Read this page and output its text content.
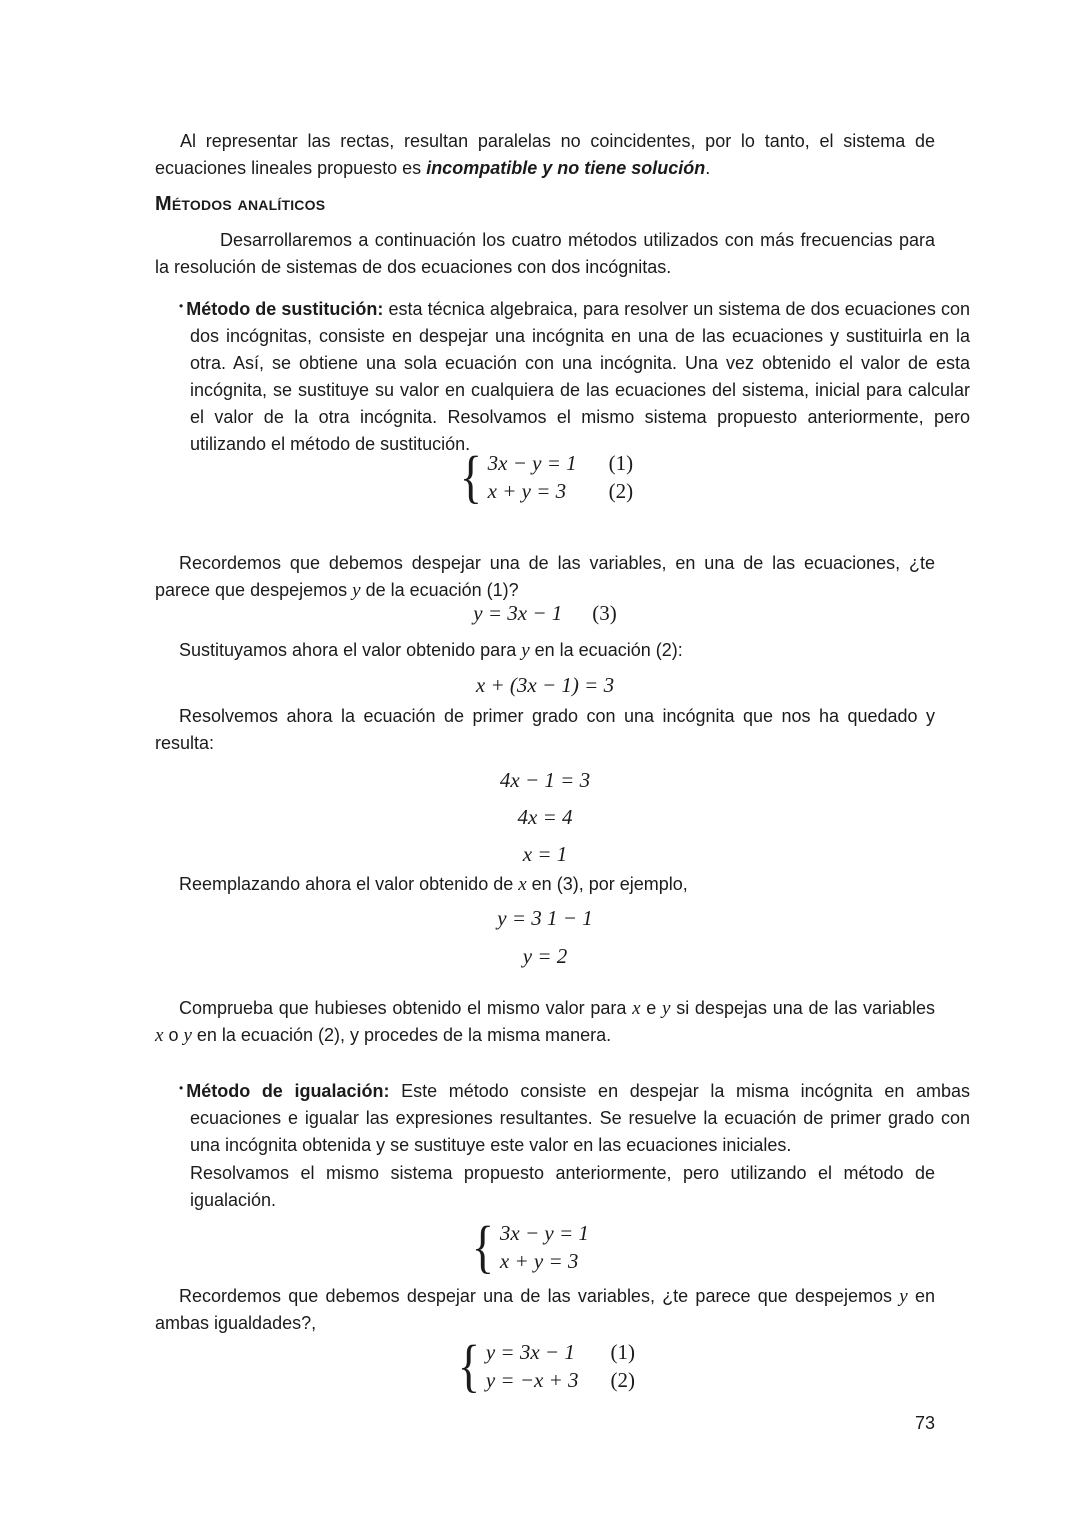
Al representar las rectas, resultan paralelas no coincidentes, por lo tanto, el sistema de ecuaciones lineales propuesto es incompatible y no tiene solución.

Métodos analíticos

Desarrollaremos a continuación los cuatro métodos utilizados con más frecuencias para la resolución de sistemas de dos ecuaciones con dos incógnitas.

• Método de sustitución: esta técnica algebraica, para resolver un sistema de dos ecuaciones con dos incógnitas, consiste en despejar una incógnita en una de las ecuaciones y sustituirla en la otra. Así, se obtiene una sola ecuación con una incógnita. Una vez obtenido el valor de esta incógnita, se sustituye su valor en cualquiera de las ecuaciones del sistema, inicial para calcular el valor de la otra incógnita. Resolvamos el mismo sistema propuesto anteriormente, pero utilizando el método de sustitución.
{ 3x − y = 1 (1)
x + y = 3	(2)

Recordemos que debemos despejar una de las variables, en una de las ecuaciones, ¿te parece que despejemos y de la ecuación (1)?

y = 3x − 1 (3)

Sustituyamos ahora el valor obtenido para y en la ecuación (2):

x + (3x − 1) = 3

Resolvemos ahora la ecuación de primer grado con una incógnita que nos ha quedado y resulta:

4x − 1 = 3
4x = 4
x = 1

Reemplazando ahora el valor obtenido de x en (3), por ejemplo,

y = 3 1 − 1
y = 2

Comprueba que hubieses obtenido el mismo valor para x e y si despejas una de las variables x o y en la ecuación (2), y procedes de la misma manera.

• Método de igualación: Este método consiste en despejar la misma incógnita en ambas ecuaciones e igualar las expresiones resultantes. Se resuelve la ecuación de primer grado con una incógnita obtenida y se sustituye este valor en las ecuaciones iniciales.

Resolvamos el mismo sistema propuesto anteriormente, pero utilizando el método de igualación.

{ 3x − y = 1
x + y = 3

Recordemos que debemos despejar una de las variables, ¿te parece que despejemos y en ambas igualdades?,

{ y = 3x − 1 (1)
y = −x + 3 (2)
73
